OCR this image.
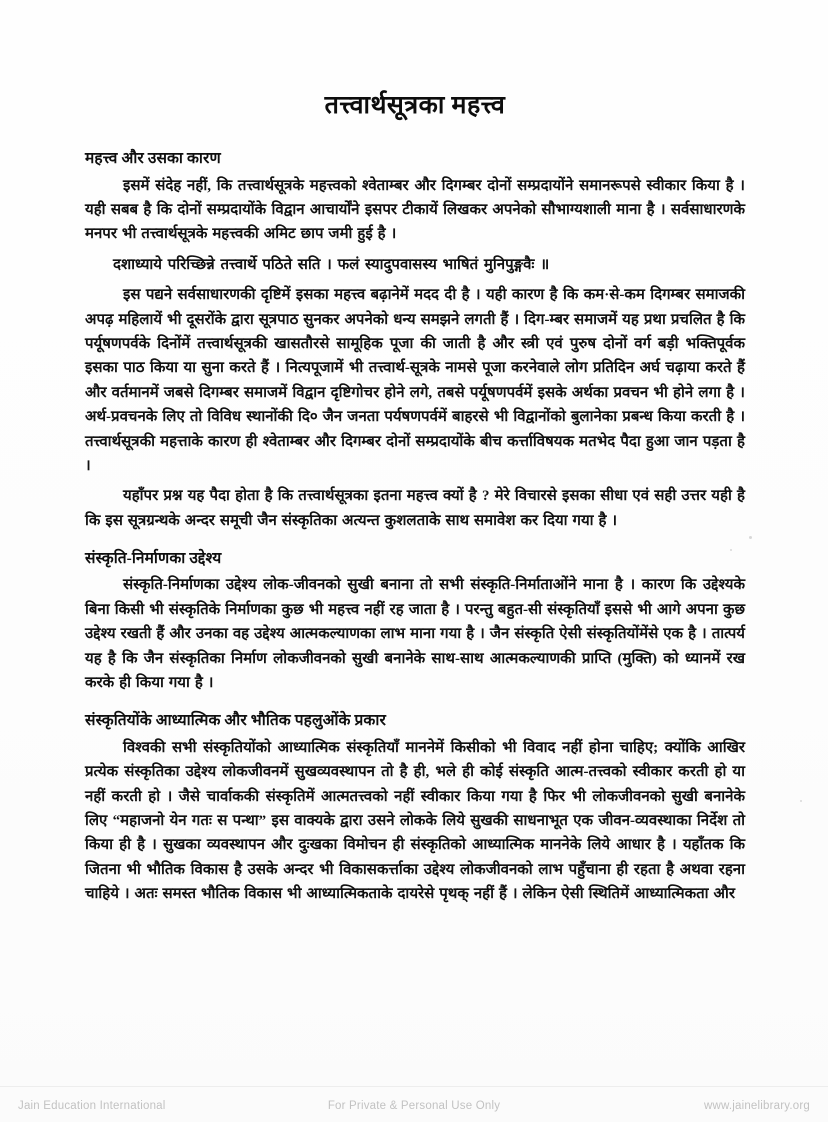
तत्त्वार्थसूत्रका महत्त्व
महत्त्व और उसका कारण

इसमें संदेह नहीं, कि तत्त्वार्थसूत्रके महत्त्वको श्वेताम्बर और दिगम्बर दोनों सम्प्रदायोंने समानरूपसे स्वीकार किया है । यही सबब है कि दोनों सम्प्रदायोंके विद्वान आचार्योंने इसपर टीकायें लिखकर अपनेको सौभाग्यशाली माना है । सर्वसाधारणके मनपर भी तत्त्वार्थसूत्रके महत्त्वकी अमिट छाप जमी हुई है ।

दशाध्याये परिच्छिन्ने तत्त्वार्थे पठिते सति । फलं स्यादुपवासस्य भाषितं मुनिपुङ्गवैः ॥

इस पद्यने सर्वसाधारणकी दृष्टिमें इसका महत्त्व बढ़ानेमें मदद दी है । यही कारण है कि कम‌·से-कम दिगम्बर समाजकी अपढ़ महिलायें भी दूसरोंके द्वारा सूत्रपाठ सुनकर अपनेको धन्य समझने लगती हैं । दिग-म्बर समाजमें यह प्रथा प्रचलित है कि पर्यूषणपर्वके दिनोंमें तत्त्वार्थसूत्रकी खासतौरसे सामूहिक पूजा की जाती है और स्त्री एवं पुरुष दोनों वर्ग बड़ी भक्तिपूर्वक इसका पाठ किया या सुना करते हैं । नित्यपूजामें भी तत्त्वार्थ-सूत्रके नामसे पूजा करनेवाले लोग प्रतिदिन अर्घ चढ़ाया करते हैं और वर्तमानमें जबसे दिगम्बर समाजमें विद्वान दृष्टिगोचर होने लगे, तबसे पर्यूषणपर्वमें इसके अर्थका प्रवचन भी होने लगा है । अर्थ-प्रवचनके लिए तो विविध स्थानोंकी दि० जैन जनता पर्यषणपर्वमें बाहरसे भी विद्वानोंको बुलानेका प्रबन्ध किया करती है । तत्त्वार्थसूत्रकी महत्ताके कारण ही श्वेताम्बर और दिगम्बर दोनों सम्प्रदायोंके बीच कर्त्ताविषयक मतभेद पैदा हुआ जान पड़ता है ।

यहाँपर प्रश्न यह पैदा होता है कि तत्त्वार्थसूत्रका इतना महत्त्व क्यों है ? मेरे विचारसे इसका सीधा एवं सही उत्तर यही है कि इस सूत्रग्रन्थके अन्दर समूची जैन संस्कृतिका अत्यन्त कुशलताके साथ समावेश कर दिया गया है ।

संस्कृति-निर्माणका उद्देश्य

संस्कृति-निर्माणका उद्देश्य लोक-जीवनको सुखी बनाना तो सभी संस्कृति-निर्माताओंने माना है । कारण कि उद्देश्यके बिना किसी भी संस्कृतिके निर्माणका कुछ भी महत्त्व नहीं रह जाता है । परन्तु बहुत-सी संस्कृतियाँ इससे भी आगे अपना कुछ उद्देश्य रखती हैं और उनका वह उद्देश्य आत्मकल्याणका लाभ माना गया है । जैन संस्कृति ऐसी संस्कृतियोंमेंसे एक है । तात्पर्य यह है कि जैन संस्कृतिका निर्माण लोकजीवनको सुखी बनानेके साथ-साथ आत्मकल्याणकी प्राप्ति (मुक्ति) को ध्यानमें रख करके ही किया गया है ।

संस्कृतियोंके आध्यात्मिक और भौतिक पहलुओंके प्रकार

विश्वकी सभी संस्कृतियोंको आध्यात्मिक संस्कृतियाँ माननेमें किसीको भी विवाद नहीं होना चाहिए; क्योंकि आखिर प्रत्येक संस्कृतिका उद्देश्य लोकजीवनमें सुखव्यवस्थापन तो है ही, भले ही कोई संस्कृति आत्म-तत्त्वको स्वीकार करती हो या नहीं करती हो । जैसे चार्वाककी संस्कृतिमें आत्मतत्त्वको नहीं स्वीकार किया गया है फिर भी लोकजीवनको सुखी बनानेके लिए “महाजनो येन गतः स पन्था” इस वाक्यके द्वारा उसने लोकके लिये सुखकी साधनाभूत एक जीवन-व्यवस्थाका निर्देश तो किया ही है । सुखका व्यवस्थापन और दुःखका विमोचन ही संस्कृतिको आध्यात्मिक माननेके लिये आधार है । यहाँतक कि जितना भी भौतिक विकास है उसके अन्दर भी विकासकर्त्ताका उद्देश्य लोकजीवनको लाभ पहुँचाना ही रहता है अथवा रहना चाहिये । अतः समस्त भौतिक विकास भी आध्यात्मिकताके दायरेसे पृथक् नहीं हैं । लेकिन ऐसी स्थितिमें आध्यात्मिकता और

Jain Education International	For Private & Personal Use Only	www.jainelibrary.org
